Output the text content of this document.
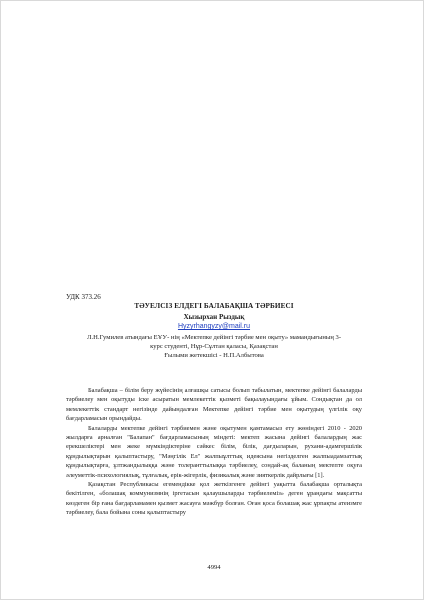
УДК 373.26
ТӘУЕЛСІЗ ЕЛДЕГІ БАЛАБАҚША ТӘРБИЕСІ
Хызырхан Рыздық
Hyzyrhangyzy@mail.ru
Л.Н.Гумилев атындағы ЕҰУ- нің «Мектепке дейінгі тәрбие мен оқыту» мамандығының 3-
курс студенті, Нұр-Сұлтан қаласы, Қазақстан
Ғылыми жетекшісі - Н.П.Албытова

Балабақша – білім беру жүйесінің алғашқы сатысы болып табылатын, мектепке дейінгі балаларды тәрбиелеу мен оқытуды іске асыратын мемлекеттік қызметі бақылауындағы ұйым. Сондықтан да ол мемлекеттік стандарт негізінде дайындалған Мектепке дейінгі тәрбие мен оқытудың үлгілік оқу бағдарламасын орындайды.

Балаларды мектепке дейінгі тәрбиемен және оқытумен қамтамасыз ету жөніндегі 2010 - 2020 жылдарға арналған "Балапан" бағдарламасының міндеті: мектеп жасына дейінгі балалардың жас ерекшеліктері мен жеке мүмкіндіктеріне сәйкес білім, білік, дағдыларын, рухани-адамгершілік құндылықтарын қалыптастыру, "Мәңгілік Ел" жалпыұлттық идеясына негізделген жалпыадамзаттық құндылықтарға, ұлтжандылыққа және толеранттылыққа тәрбиелеу, сондай-ақ баланың мектепте оқуға әлеуметтік-психологиялық, тұлғалық, ерік-жігерлік, физикалық және зияткерлік дайрлығы [1].

Қазақстан Республикасы егемендікке қол жеткізгенге дейінгі уақытта балабақша орталықта бекітілген, «болашақ коммунизмнің іргетасын қалаушыларды тәрбиелеміз» деген ұрандағы мақсатты көздеген бір ғана бағдарламамен қызмет жасауға мәжбүр болған. Оған қоса болашақ жас ұрпақты атеизмге тәрбиелеу, бала бойына соны қалыптастыру

4994
